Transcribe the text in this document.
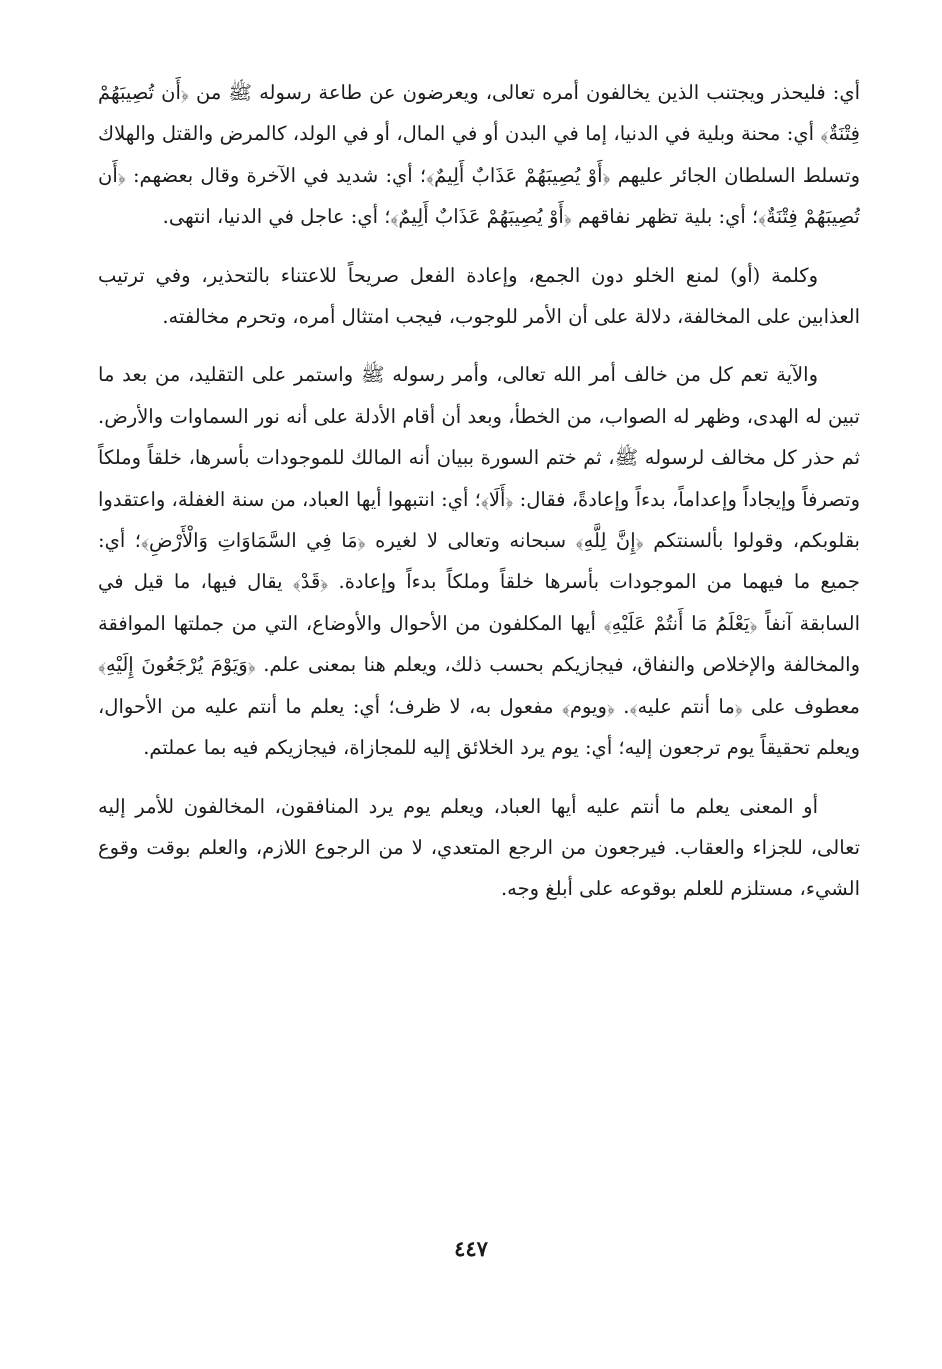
أي: فليحذر ويجتنب الذين يخالفون أمره تعالى، ويعرضون عن طاعة رسوله ﷺ من ﴿أَن تُصِيبَهُمْ فِتْنَةٌ﴾ أي: محنة وبلية في الدنيا، إما في البدن أو في المال، أو في الولد، كالمرض والقتل والهلاك وتسلط السلطان الجائر عليهم ﴿أَوْ يُصِيبَهُمْ عَذَابٌ أَلِيمٌ﴾؛ أي: شديد في الآخرة وقال بعضهم: ﴿أَن تُصِيبَهُمْ فِتْنَةٌ﴾؛ أي: بلية تظهر نفاقهم ﴿أَوْ يُصِيبَهُمْ عَذَابٌ أَلِيمٌ﴾؛ أي: عاجل في الدنيا، انتهى.

وكلمة (أو) لمنع الخلو دون الجمع، وإعادة الفعل صريحاً للاعتناء بالتحذير، وفي ترتيب العذابين على المخالفة، دلالة على أن الأمر للوجوب، فيجب امتثال أمره، وتحرم مخالفته.

والآية تعم كل من خالف أمر الله تعالى، وأمر رسوله ﷺ واستمر على التقليد، من بعد ما تبين له الهدى، وظهر له الصواب، من الخطأ، وبعد أن أقام الأدلة على أنه نور السماوات والأرض. ثم حذر كل مخالف لرسوله ﷺ، ثم ختم السورة ببيان أنه المالك للموجودات بأسرها، خلقاً وملكاً وتصرفاً وإيجاداً وإعداماً، بدءاً وإعادةً، فقال: ﴿أَلَا﴾؛ أي: انتبهوا أيها العباد، من سنة الغفلة، واعتقدوا بقلوبكم، وقولوا بألسنتكم ﴿إِنَّ لِلَّهِ﴾ سبحانه وتعالى لا لغيره ﴿مَا فِي السَّمَاوَاتِ وَالْأَرْضِ﴾؛ أي: جميع ما فيهما من الموجودات بأسرها خلقاً وملكاً بدءاً وإعادة. ﴿قَدْ﴾ يقال فيها، ما قيل في السابقة آنفاً ﴿يَعْلَمُ مَا أَنتُمْ عَلَيْهِ﴾ أيها المكلفون من الأحوال والأوضاع، التي من جملتها الموافقة والمخالفة والإخلاص والنفاق، فيجازيكم بحسب ذلك، ويعلم هنا بمعنى علم. ﴿وَيَوْمَ يُرْجَعُونَ إِلَيْهِ﴾ معطوف على ﴿ما أنتم عليه﴾. ﴿ويوم﴾ مفعول به، لا ظرف؛ أي: يعلم ما أنتم عليه من الأحوال، ويعلم تحقيقاً يوم ترجعون إليه؛ أي: يوم يرد الخلائق إليه للمجازاة، فيجازيكم فيه بما عملتم.

أو المعنى يعلم ما أنتم عليه أيها العباد، ويعلم يوم يرد المنافقون، المخالفون للأمر إليه تعالى، للجزاء والعقاب. فيرجعون من الرجع المتعدي، لا من الرجوع اللازم، والعلم بوقت وقوع الشيء، مستلزم للعلم بوقوعه على أبلغ وجه.

٤٤٧
